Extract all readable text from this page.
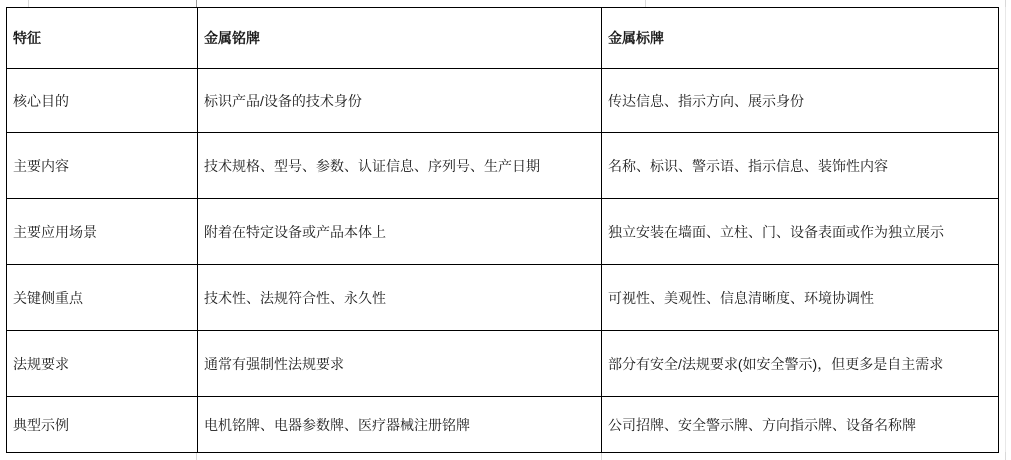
特征	金属铭牌	金属标牌
核心目的	标识产品/设备的技术身份	传达信息、指示方向、展示身份
主要内容	技术规格、型号、参数、认证信息、序列号、生产日期	名称、标识、警示语、指示信息、装饰性内容
主要应用场景	附着在特定设备或产品本体上	独立安装在墙面、立柱、门、设备表面或作为独立展示
关键侧重点	技术性、法规符合性、永久性	可视性、美观性、信息清晰度、环境协调性
法规要求	通常有强制性法规要求	部分有安全/法规要求(如安全警示)，但更多是自主需求
典型示例	电机铭牌、电器参数牌、医疗器械注册铭牌	公司招牌、安全警示牌、方向指示牌、设备名称牌
